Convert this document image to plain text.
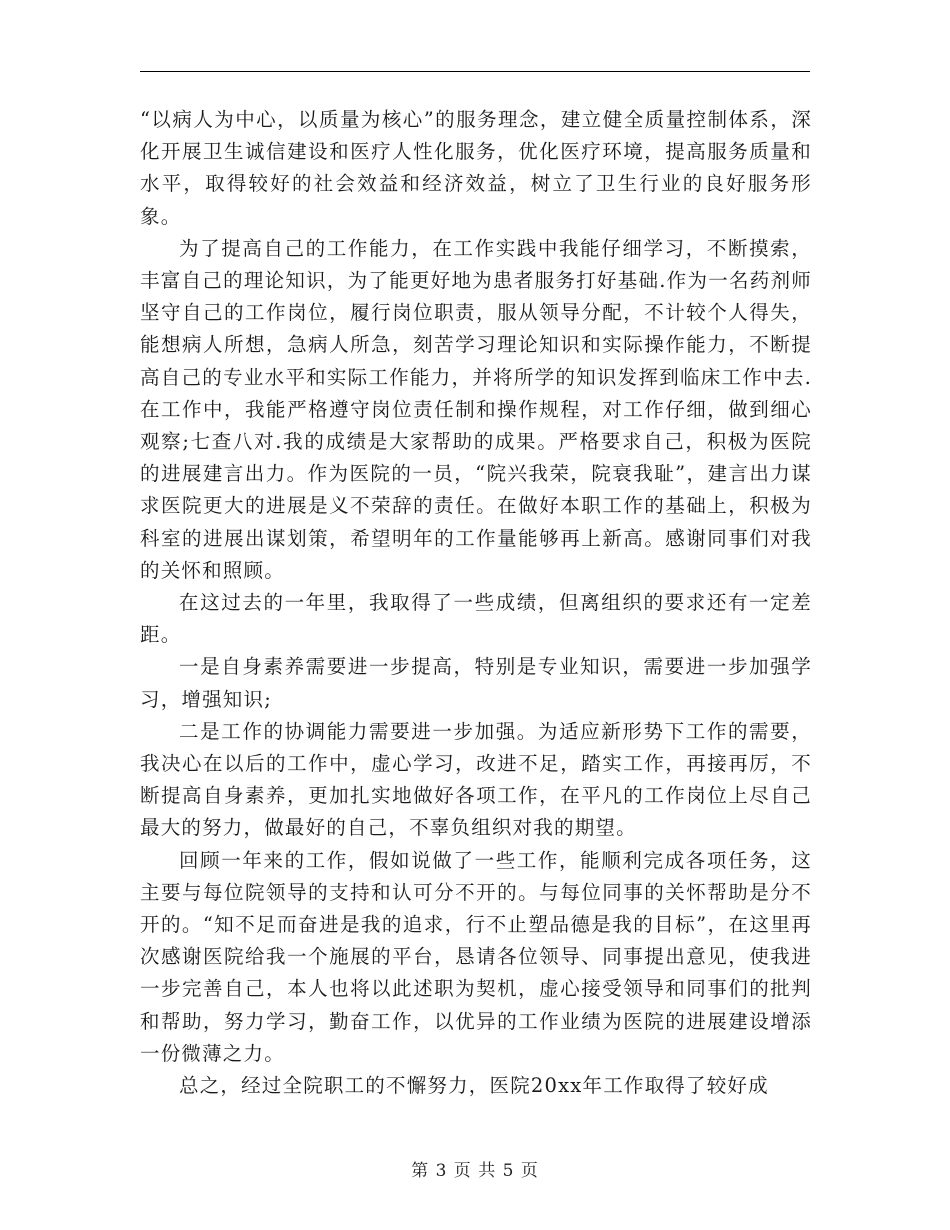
“以病人为中心，以质量为核心”的服务理念，建立健全质量控制体系，深化开展卫生诚信建设和医疗人性化服务，优化医疗环境，提高服务质量和水平，取得较好的社会效益和经济效益，树立了卫生行业的良好服务形象。

为了提高自己的工作能力，在工作实践中我能仔细学习，不断摸索，丰富自己的理论知识，为了能更好地为患者服务打好基础.作为一名药剂师坚守自己的工作岗位，履行岗位职责，服从领导分配，不计较个人得失，能想病人所想，急病人所急，刻苦学习理论知识和实际操作能力，不断提高自己的专业水平和实际工作能力，并将所学的知识发挥到临床工作中去.在工作中，我能严格遵守岗位责任制和操作规程，对工作仔细，做到细心观察;七查八对.我的成绩是大家帮助的成果。严格要求自己，积极为医院的进展建言出力。作为医院的一员，“院兴我荣，院衰我耻”，建言出力谋求医院更大的进展是义不荣辞的责任。在做好本职工作的基础上，积极为科室的进展出谋划策，希望明年的工作量能够再上新高。感谢同事们对我的关怀和照顾。

在这过去的一年里，我取得了一些成绩，但离组织的要求还有一定差距。

一是自身素养需要进一步提高，特别是专业知识，需要进一步加强学习，增强知识;

二是工作的协调能力需要进一步加强。为适应新形势下工作的需要，我决心在以后的工作中，虚心学习，改进不足，踏实工作，再接再厉，不断提高自身素养，更加扎实地做好各项工作，在平凡的工作岗位上尽自己最大的努力，做最好的自己，不辜负组织对我的期望。

回顾一年来的工作，假如说做了一些工作，能顺利完成各项任务，这主要与每位院领导的支持和认可分不开的。与每位同事的关怀帮助是分不开的。“知不足而奋进是我的追求，行不止塑品德是我的目标”，在这里再次感谢医院给我一个施展的平台，恳请各位领导、同事提出意见，使我进一步完善自己，本人也将以此述职为契机，虚心接受领导和同事们的批判和帮助，努力学习，勤奋工作，以优异的工作业绩为医院的进展建设增添一份微薄之力。

总之，经过全院职工的不懈努力，医院20xx年工作取得了较好成

第 3 页 共 5 页
